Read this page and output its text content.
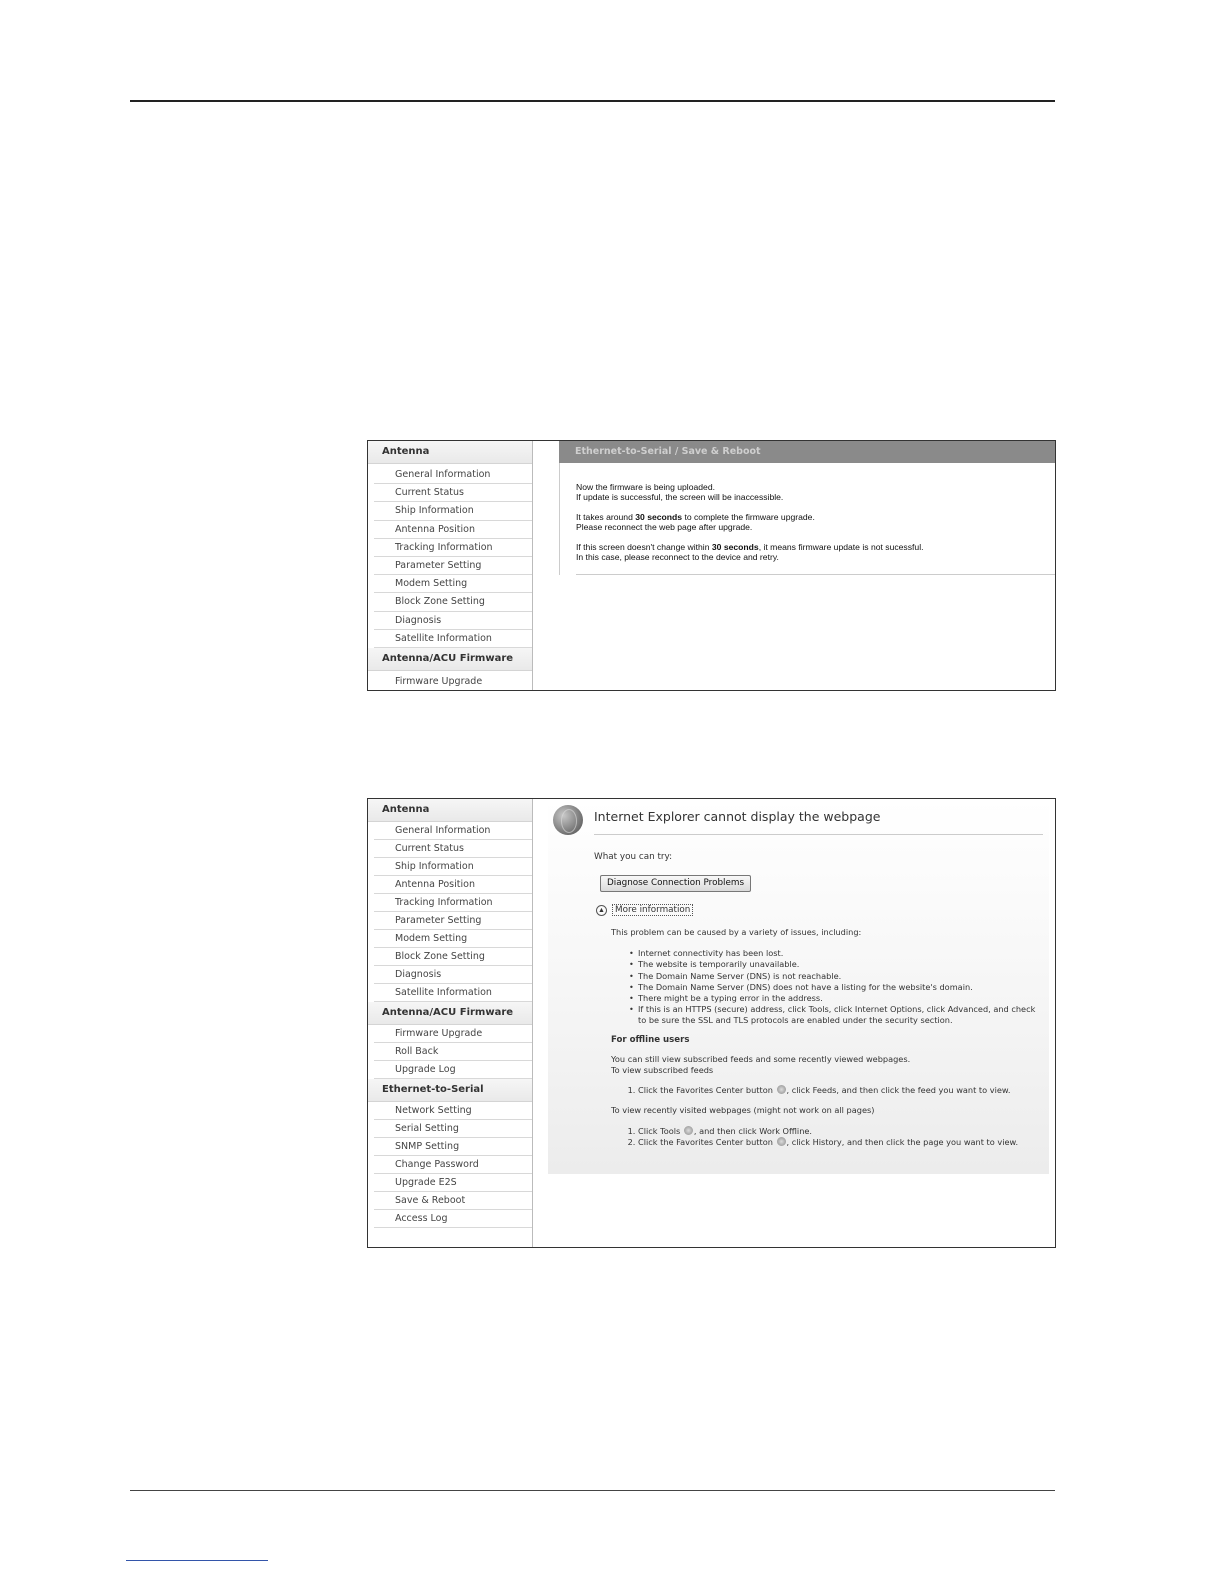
Antenna
General Information
Current Status
Ship Information
Antenna Position
Tracking Information
Parameter Setting
Modem Setting
Block Zone Setting
Diagnosis
Satellite Information
Antenna/ACU Firmware
Firmware Upgrade
Ethernet-to-Serial / Save & Reboot

Now the firmware is being uploaded.
If update is successful, the screen will be inaccessible.

It takes around 30 seconds to complete the firmware upgrade.
Please reconnect the web page after upgrade.

If this screen doesn't change within 30 seconds, it means firmware update is not sucessful.
In this case, please reconnect to the device and retry.

Antenna
General Information
Current Status
Ship Information
Antenna Position
Tracking Information
Parameter Setting
Modem Setting
Block Zone Setting
Diagnosis
Satellite Information
Antenna/ACU Firmware
Firmware Upgrade
Roll Back
Upgrade Log
Ethernet-to-Serial
Network Setting
Serial Setting
SNMP Setting
Change Password
Upgrade E2S
Save & Reboot
Access Log
Internet Explorer cannot display the webpage
What you can try:
Diagnose Connection Problems
▲	More information

This problem can be caused by a variety of issues, including:

• Internet connectivity has been lost.
• The website is temporarily unavailable.
• The Domain Name Server (DNS) is not reachable.
• The Domain Name Server (DNS) does not have a listing for the website's domain.
• There might be a typing error in the address.
• If this is an HTTPS (secure) address, click Tools, click Internet Options, click Advanced, and check to be sure the SSL and TLS protocols are enabled under the security section.
For offline users

You can still view subscribed feeds and some recently viewed webpages.

To view subscribed feeds

1. Click the Favorites Center button , click Feeds, and then click the feed you want to view.

To view recently visited webpages (might not work on all pages)

1. Click Tools , and then click Work Offline.
2. Click the Favorites Center button , click History, and then click the page you want to view.
